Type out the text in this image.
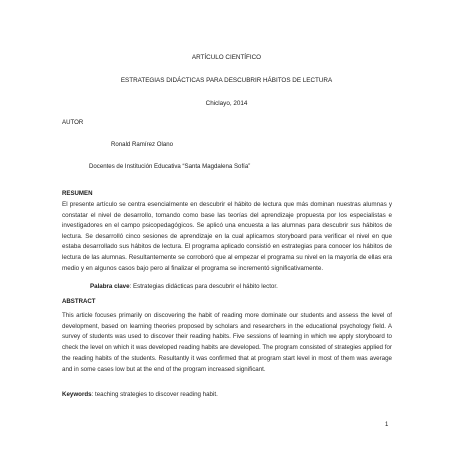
ARTÍCULO CIENTÍFICO
ESTRATEGIAS DIDÁCTICAS PARA DESCUBRIR HÁBITOS DE LECTURA
Chiclayo, 2014
AUTOR
Ronald Ramírez Olano
Docentes de Institución Educativa “Santa Magdalena Sofía”
RESUMEN
El presente artículo se centra esencialmente en descubrir el hábito de lectura que más dominan nuestras alumnas y constatar el nivel de desarrollo, tomando como base las teorías del aprendizaje propuesta por los especialistas e investigadores en el campo psicopedagógicos. Se aplicó una encuesta a las alumnas para descubrir sus hábitos de lectura. Se desarrolló cinco sesiones de aprendizaje en la cual aplicamos storyboard para verificar el nivel en que estaba desarrollado sus hábitos de lectura. El programa aplicado consistió en estrategias para conocer los hábitos de lectura de las alumnas. Resultantemente se corroboró que al empezar el programa su nivel en la mayoría de ellas era medio y en algunos casos bajo pero al finalizar el programa se incrementó significativamente.
Palabra clave: Estrategias didácticas para descubrir el hábito lector.
ABSTRACT
This article focuses primarily on discovering the habit of reading more dominate our students and assess the level of development, based on learning theories proposed by scholars and researchers in the educational psychology field. A survey of students was used to discover their reading habits. Five sessions of learning in which we apply storyboard to check the level on which it was developed reading habits are developed. The program consisted of strategies applied for the reading habits of the students. Resultantly it was confirmed that at program start level in most of them was average and in some cases low but at the end of the program increased significant.
Keywords: teaching strategies to discover reading habit.
1
